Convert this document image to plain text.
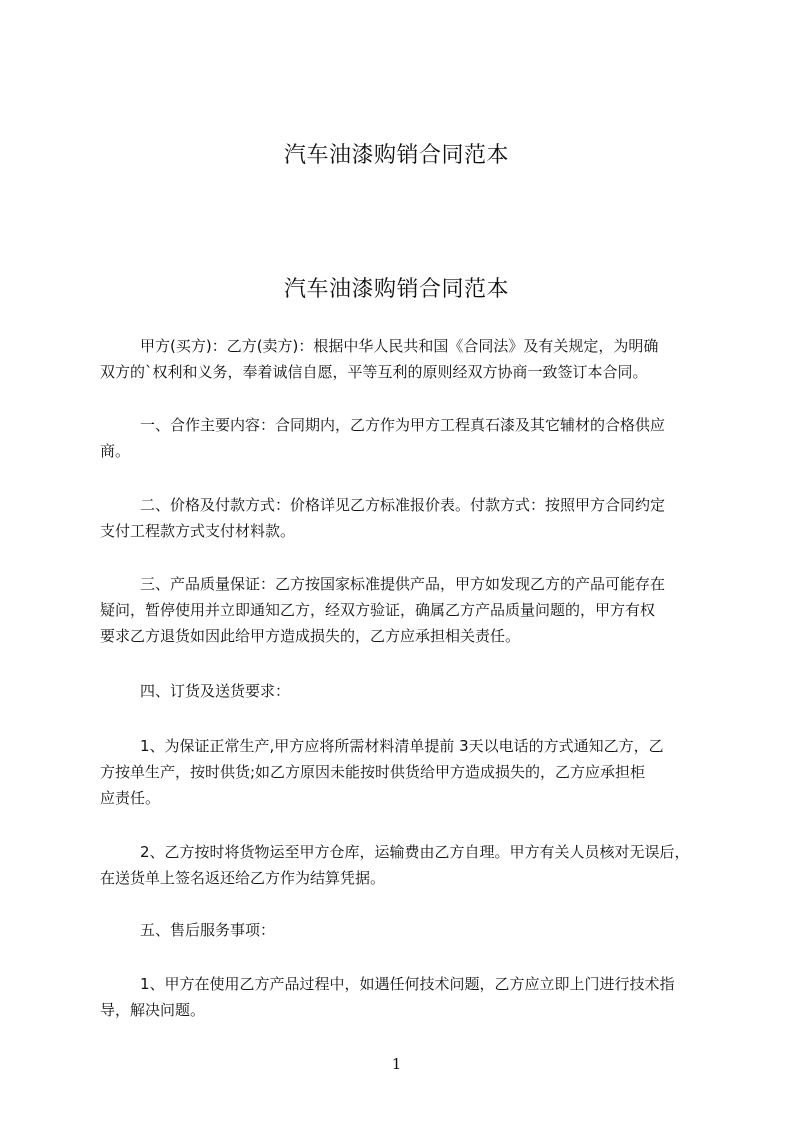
汽车油漆购销合同范本
汽车油漆购销合同范本
甲方(买方)：乙方(卖方)：根据中华人民共和国《合同法》及有关规定，为明确
双方的`权利和义务，奉着诚信自愿，平等互利的原则经双方协商一致签订本合同。
一、合作主要内容：合同期内，乙方作为甲方工程真石漆及其它辅材的合格供应
商。
二、价格及付款方式：价格详见乙方标准报价表。付款方式：按照甲方合同约定
支付工程款方式支付材料款。
三、产品质量保证：乙方按国家标准提供产品，甲方如发现乙方的产品可能存在
疑问，暂停使用并立即通知乙方，经双方验证，确属乙方产品质量问题的，甲方有权
要求乙方退货如因此给甲方造成损失的，乙方应承担相关责任。
四、订货及送货要求：
1、为保证正常生产,甲方应将所需材料清单提前 3天以电话的方式通知乙方，乙
方按单生产，按时供货;如乙方原因未能按时供货给甲方造成损失的，乙方应承担柜
应责任。
2、乙方按时将货物运至甲方仓库，运输费由乙方自理。甲方有关人员核对无误后，
在送货单上签名返还给乙方作为结算凭据。
五、售后服务事项：
1、甲方在使用乙方产品过程中，如遇任何技术问题，乙方应立即上门进行技术指
导，解决问题。
1
